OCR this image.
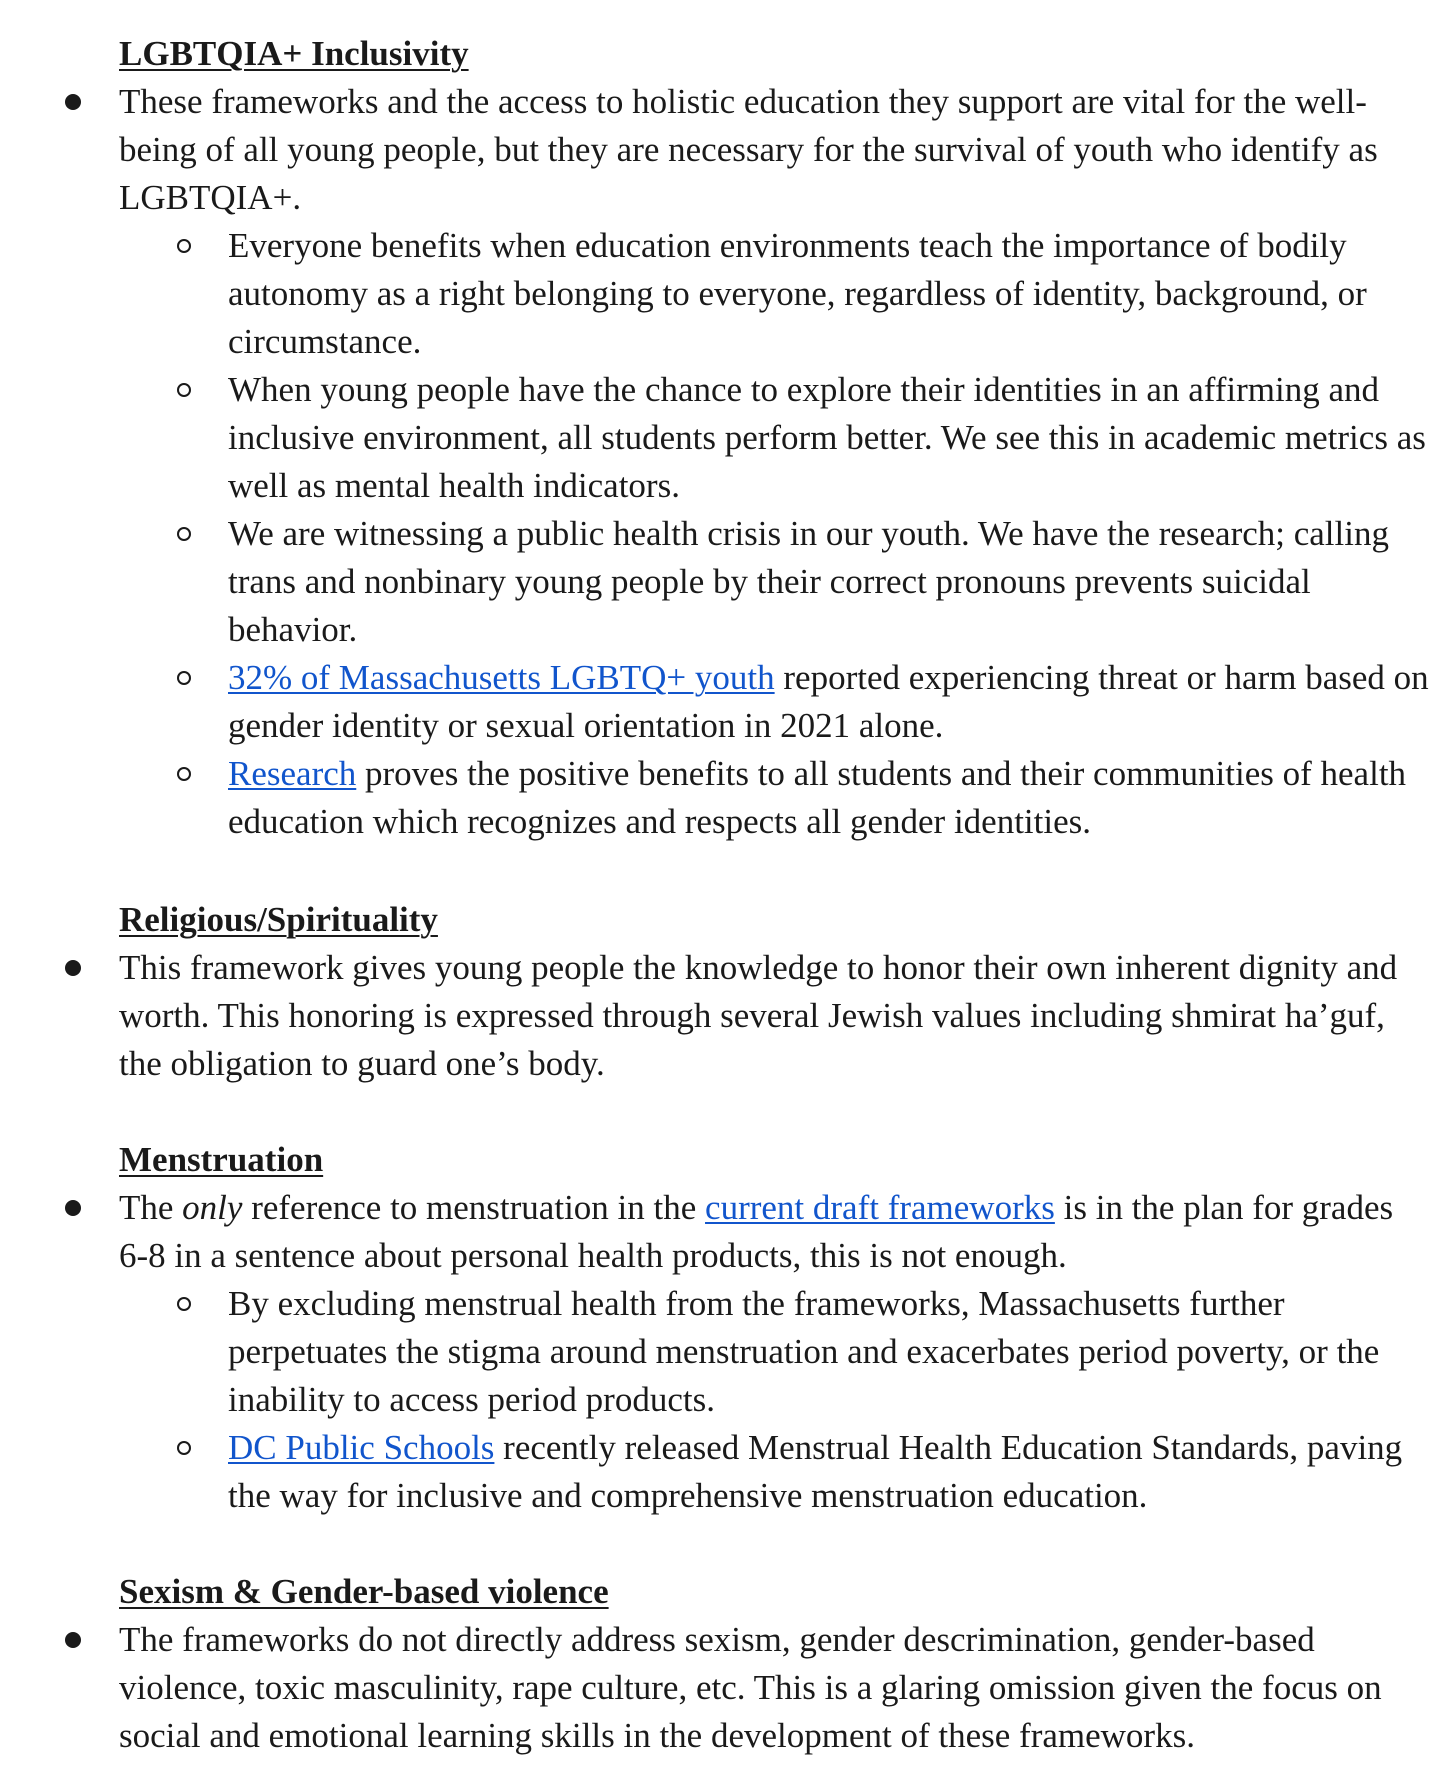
LGBTQIA+ Inclusivity
These frameworks and the access to holistic education they support are vital for the well-being of all young people, but they are necessary for the survival of youth who identify as LGBTQIA+.
Everyone benefits when education environments teach the importance of bodily autonomy as a right belonging to everyone, regardless of identity, background, or circumstance.
When young people have the chance to explore their identities in an affirming and inclusive environment, all students perform better. We see this in academic metrics as well as mental health indicators.
We are witnessing a public health crisis in our youth. We have the research; calling trans and nonbinary young people by their correct pronouns prevents suicidal behavior.
32% of Massachusetts LGBTQ+ youth reported experiencing threat or harm based on gender identity or sexual orientation in 2021 alone.
Research proves the positive benefits to all students and their communities of health education which recognizes and respects all gender identities.
Religious/Spirituality
This framework gives young people the knowledge to honor their own inherent dignity and worth. This honoring is expressed through several Jewish values including shmirat ha’guf, the obligation to guard one’s body.
Menstruation
The only reference to menstruation in the current draft frameworks is in the plan for grades 6-8 in a sentence about personal health products, this is not enough.
By excluding menstrual health from the frameworks, Massachusetts further perpetuates the stigma around menstruation and exacerbates period poverty, or the inability to access period products.
DC Public Schools recently released Menstrual Health Education Standards, paving the way for inclusive and comprehensive menstruation education.
Sexism & Gender-based violence
The frameworks do not directly address sexism, gender descrimination, gender-based violence, toxic masculinity, rape culture, etc. This is a glaring omission given the focus on social and emotional learning skills in the development of these frameworks.
